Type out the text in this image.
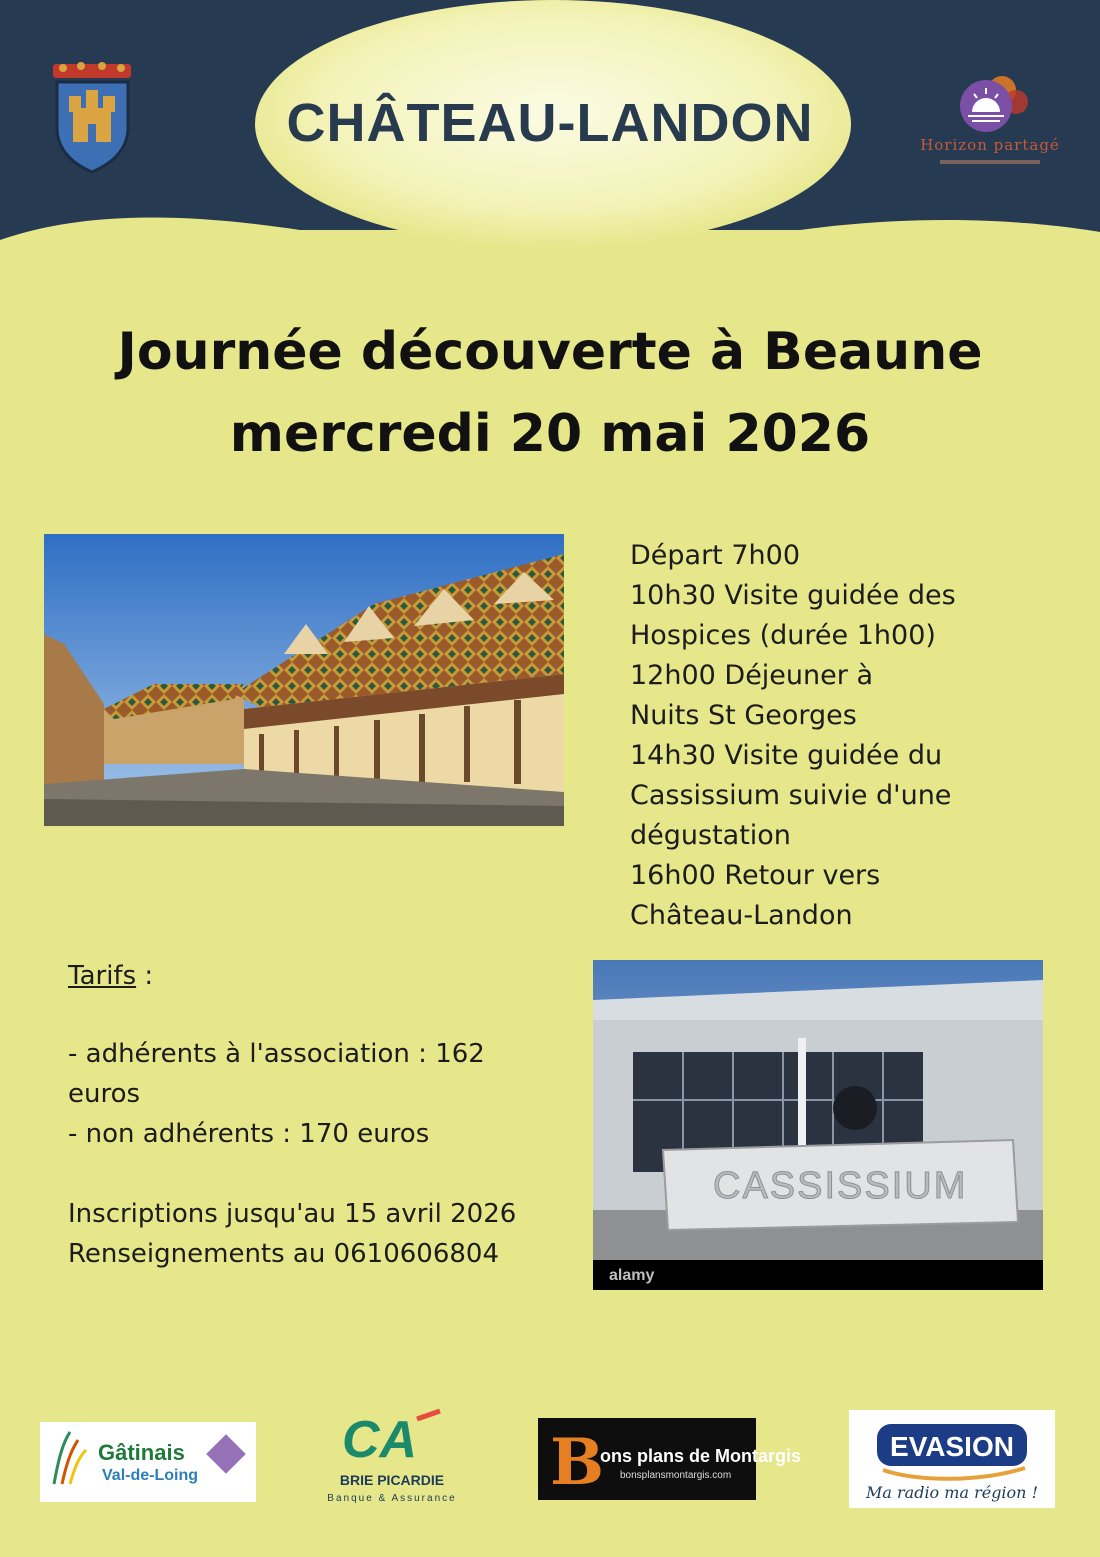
CHÂTEAU-LANDON	Horizon partagé
Journée découverte à Beaune
mercredi 20 mai 2026
Départ 7h00
10h30 Visite guidée des
Hospices (durée 1h00)
12h00 Déjeuner à
Nuits St Georges
14h30 Visite guidée du
Cassissium suivie d'une
dégustation
16h00 Retour vers
Château-Landon
Tarifs :
- adhérents à l'association : 162
euros
- non adhérents : 170 euros
Inscriptions jusqu'au 15 avril 2026
Renseignements au 0610606804
CASSISSIUM
alamy
Gâtinais
Val-de-Loing
CA
BRIE PICARDIE
Banque & Assurance B
ons plans de Montargis
bonsplansmontargis.com
EVASION
Ma radio ma région !
